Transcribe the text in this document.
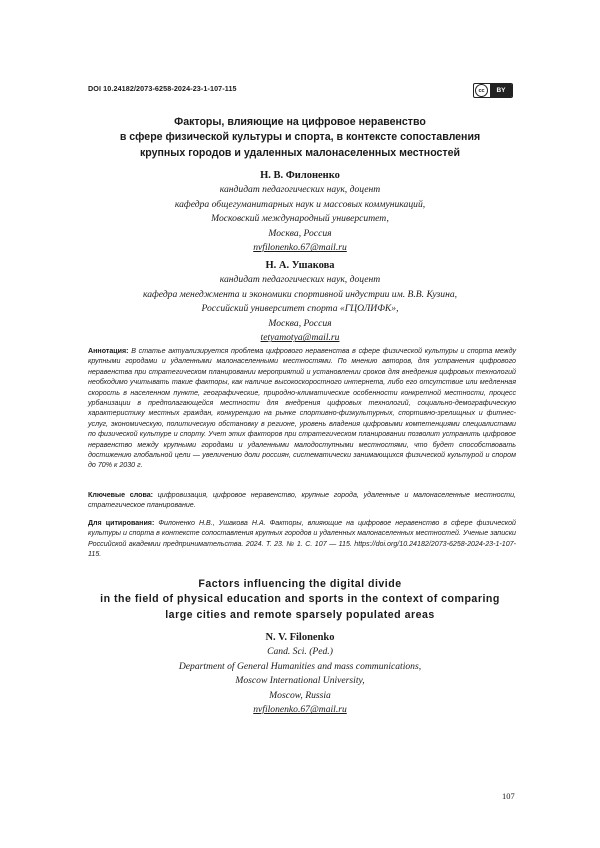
DOI 10.24182/2073-6258-2024-23-1-107-115	cc	BY
Факторы, влияющие на цифровое неравенство
в сфере физической культуры и спорта, в контексте сопоставления
крупных городов и удаленных малонаселенных местностей
Н. В. Филоненко
кандидат педагогических наук, доцент
кафедра общегуманитарных наук и массовых коммуникаций,
Московский международный университет,
Москва, Россия
nvfilonenko.67@mail.ru
Н. А. Ушакова
кандидат педагогических наук, доцент
кафедра менеджмента и экономики спортивной индустрии им. В.В. Кузина,
Российский университет спорта «ГЦОЛИФК»,
Москва, Россия
tetyamotya@mail.ru
Аннотация: В статье актуализируется проблема цифрового неравенства в сфере физической культуры и спорта между крупными городами и удаленными малонаселенными местностями. По мнению авторов, для устранения цифрового неравенства при стратегическом планировании мероприятий и установлении сроков для внедрения цифровых технологий необходимо учитывать такие факторы, как наличие высокоскоростного интернета, либо его отсутствие или медленная скорость в населенном пункте, географические, природно-климатические особенности конкретной местности, процесс урбанизации в предполагающейся местности для внедрения цифровых технологий, социально-демографическую характеристику местных граждан, конкуренцию на рынке спортивно-физкультурных, спортивно-зрелищных и фитнес-услуг, экономическую, политическую обстановку в регионе, уровень владения цифровыми компетенциями специалистами по физической культуре и спорту. Учет этих факторов при стратегическом планировании позволит устранить цифровое неравенство между крупными городами и удаленными малодоступными местностями, что будет способствовать достижению глобальной цели — увеличению доли россиян, систематически занимающихся физической культурой и спором до 70% к 2030 г.
Ключевые слова: цифровизация, цифровое неравенство, крупные города, удаленные и малонаселенные местности, стратегическое планирование.
Для цитирования: Филоненко Н.В., Ушакова Н.А. Факторы, влияющие на цифровое неравенство в сфере физической культуры и спорта в контексте сопоставления крупных городов и удаленных малонаселенных местностей. Ученые записки Российской академии предпринимательства. 2024. Т. 23. № 1. С. 107 — 115. https://doi.org/10.24182/2073-6258-2024-23-1-107-115.
Factors influencing the digital divide
in the field of physical education and sports in the context of comparing
large cities and remote sparsely populated areas
N. V. Filonenko
Cand. Sci. (Ped.)
Department of General Humanities and mass communications,
Moscow International University,
Moscow, Russia
nvfilonenko.67@mail.ru
107
